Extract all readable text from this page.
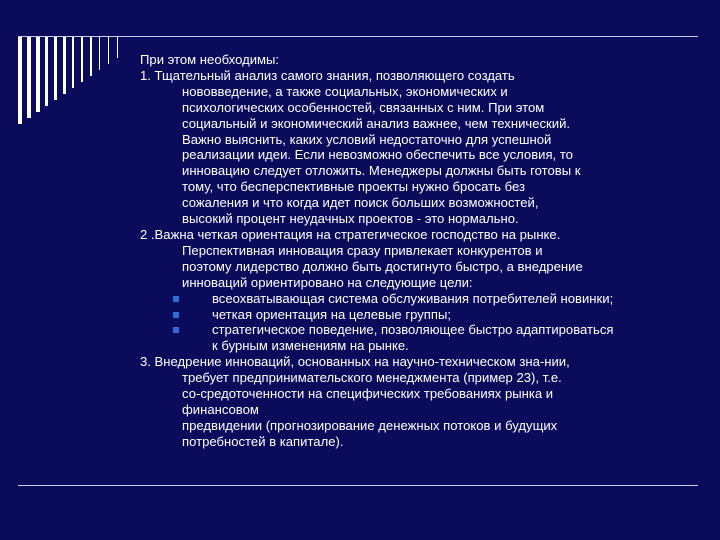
При этом необходимы:
1. Тщательный анализ самого знания, позволяющего создать
нововведение, а также социальных, экономических и
психологических особенностей, связанных с ним. При этом
социальный и экономический анализ важнее, чем технический.
Важно выяснить, каких условий недостаточно для успешной
реализации идеи. Если невозможно обеспечить все условия, то
инновацию следует отложить. Менеджеры должны быть готовы к
тому, что бесперспективные проекты нужно бросать без
сожаления и что когда идет поиск больших возможностей,
высокий процент неудачных проектов - это нормально.
2 .Важна четкая ориентация на стратегическое господство на рынке.
Перспективная инновация сразу привлекает конкурентов и
поэтому лидерство должно быть достигнуто быстро, а внедрение
инноваций ориентировано на следующие цели:
всеохватывающая система обслуживания потребителей новинки;
четкая ориентация на целевые группы;
стратегическое поведение, позволяющее быстро адаптироваться
к бурным изменениям на рынке.
3. Внедрение инноваций, основанных на научно-техническом зна-нии,
требует предпринимательского менеджмента (пример 23), т.е.
со-средоточенности на специфических требованиях рынка и
финансовом
предвидении (прогнозирование денежных потоков и будущих
потребностей в капитале).
